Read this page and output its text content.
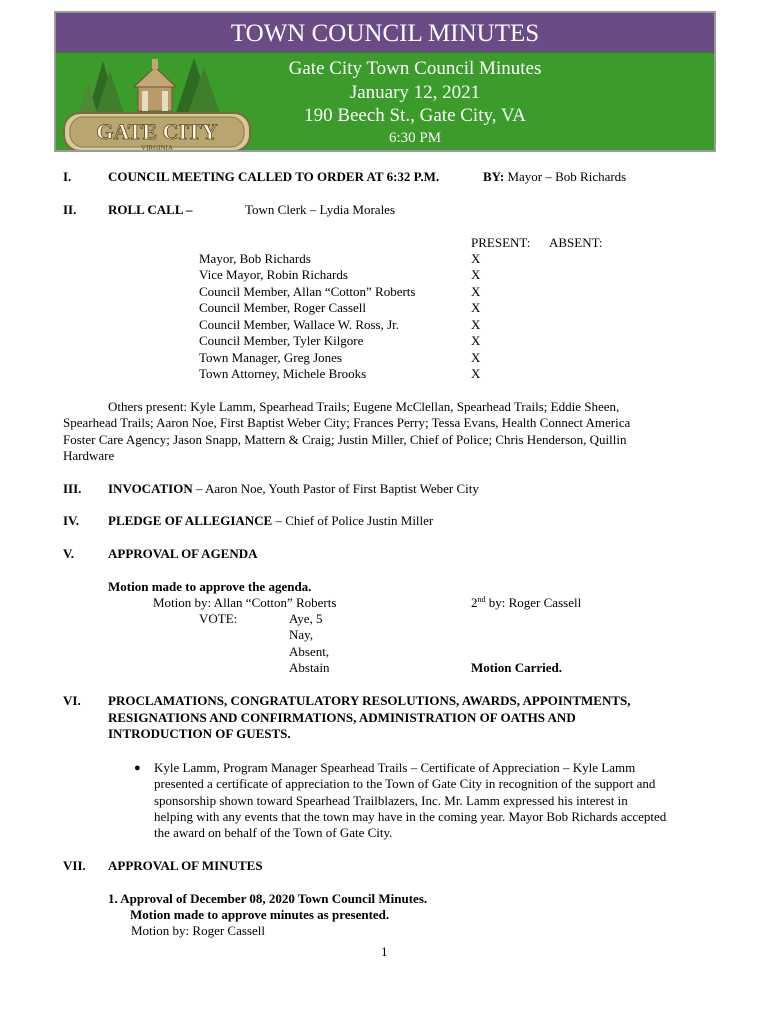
TOWN COUNCIL MINUTES
GATE CITY
VIRGINIA
Gate City Town Council Minutes
January 12, 2021
190 Beech St., Gate City, VA
6:30 PM
I.	COUNCIL MEETING CALLED TO ORDER AT 6:32 P.M.	BY: Mayor – Bob Richards
II. ROLL CALL –	Town Clerk – Lydia Morales
PRESENT: ABSENT:
Mayor, Bob Richards	X
Vice Mayor, Robin Richards	X
Council Member, Allan “Cotton” Roberts	X
Council Member, Roger Cassell	X
Council Member, Wallace W. Ross, Jr.	X
Council Member, Tyler Kilgore	X
Town Manager, Greg Jones	X
Town Attorney, Michele Brooks	X
Others present: Kyle Lamm, Spearhead Trails; Eugene McClellan, Spearhead Trails; Eddie Sheen,
Spearhead Trails; Aaron Noe, First Baptist Weber City; Frances Perry; Tessa Evans, Health Connect America
Foster Care Agency; Jason Snapp, Mattern & Craig; Justin Miller, Chief of Police; Chris Henderson, Quillin
Hardware
III. INVOCATION – Aaron Noe, Youth Pastor of First Baptist Weber City
IV. PLEDGE OF ALLEGIANCE – Chief of Police Justin Miller
V.	APPROVAL OF AGENDA
Motion made to approve the agenda.
Motion by: Allan “Cotton” Roberts	2nd by: Roger Cassell
VOTE:	Aye, 5
Nay,
Absent,
Abstain	Motion Carried.
VI. PROCLAMATIONS, CONGRATULATORY RESOLUTIONS, AWARDS, APPOINTMENTS,
RESIGNATIONS AND CONFIRMATIONS, ADMINISTRATION OF OATHS AND
INTRODUCTION OF GUESTS.
● Kyle Lamm, Program Manager Spearhead Trails – Certificate of Appreciation – Kyle Lamm
presented a certificate of appreciation to the Town of Gate City in recognition of the support and
sponsorship shown toward Spearhead Trailblazers, Inc. Mr. Lamm expressed his interest in
helping with any events that the town may have in the coming year. Mayor Bob Richards accepted
the award on behalf of the Town of Gate City.
VII. APPROVAL OF MINUTES
1. Approval of December 08, 2020 Town Council Minutes.
Motion made to approve minutes as presented.
Motion by: Roger Cassell
1
